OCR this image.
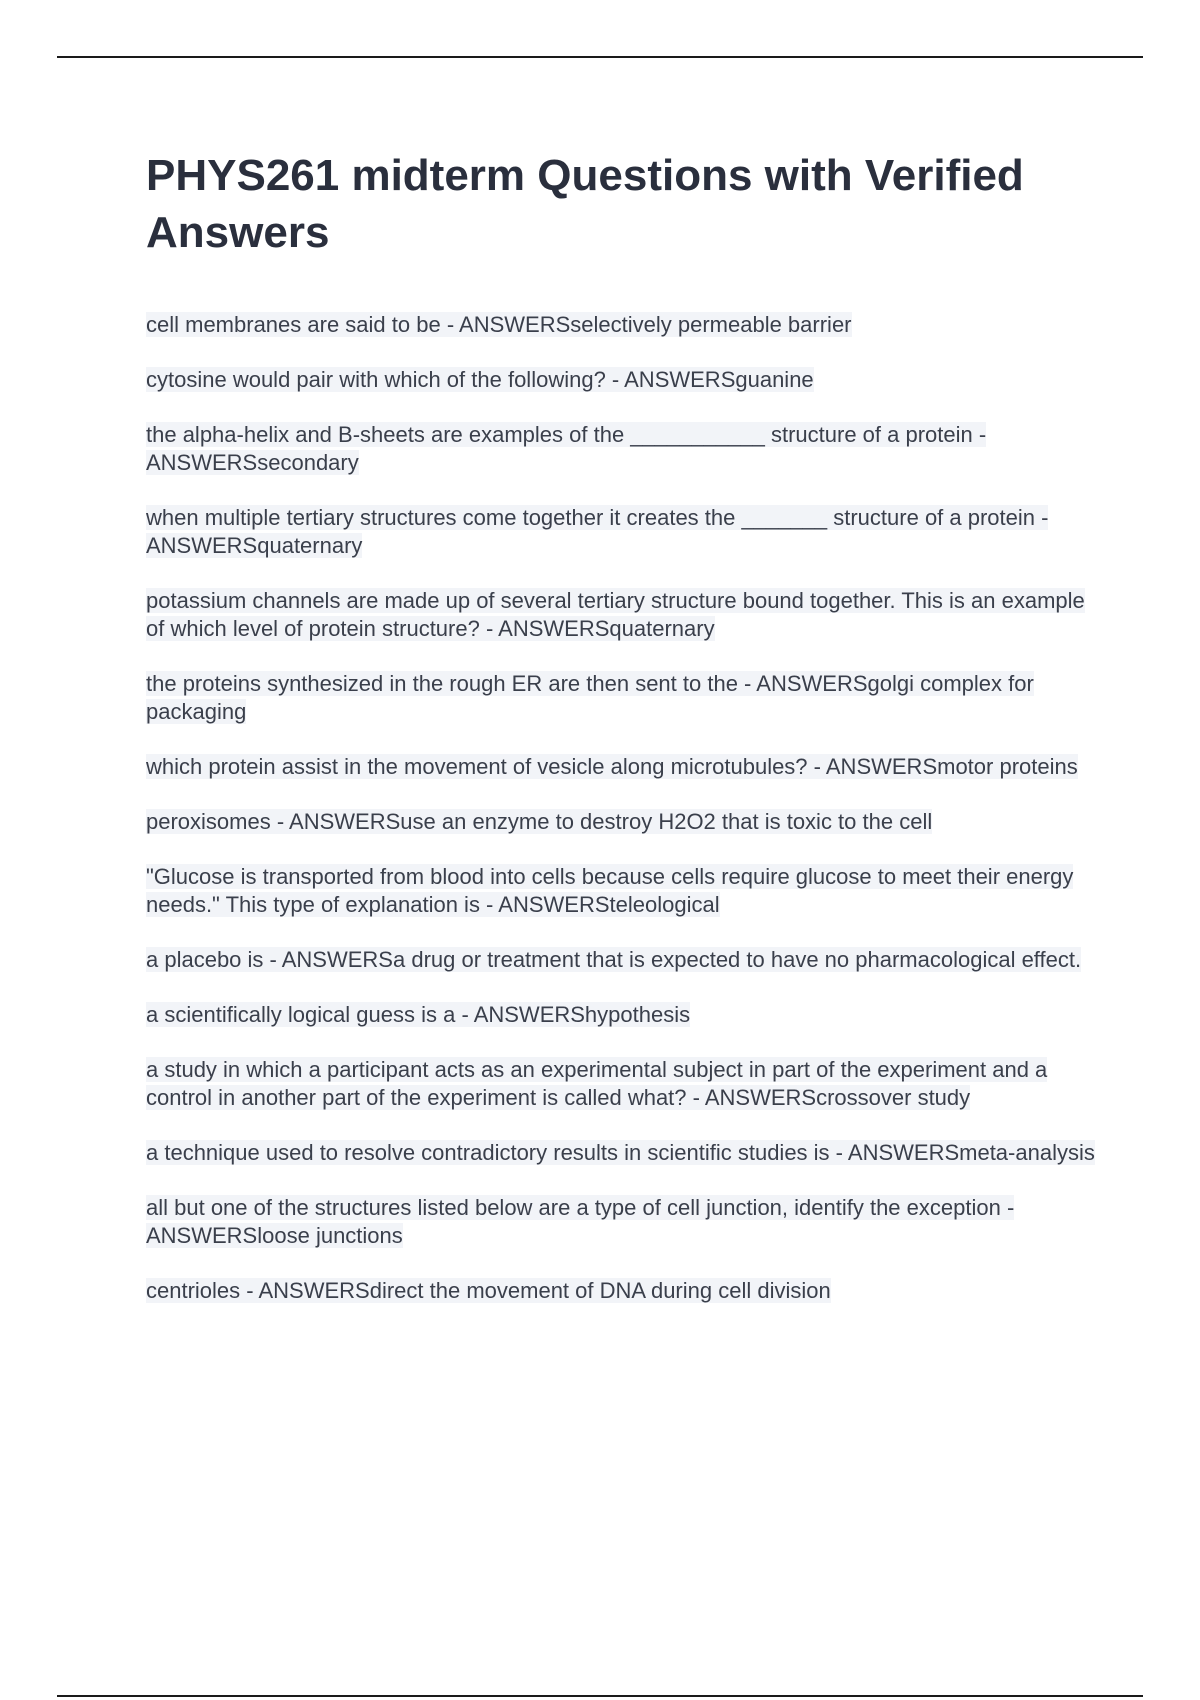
PHYS261 midterm Questions with Verified Answers
cell membranes are said to be - ANSWERSselectively permeable barrier
cytosine would pair with which of the following? - ANSWERSguanine
the alpha-helix and B-sheets are examples of the ___________ structure of a protein - ANSWERSsecondary
when multiple tertiary structures come together it creates the _______ structure of a protein - ANSWERSquaternary
potassium channels are made up of several tertiary structure bound together. This is an example of which level of protein structure? - ANSWERSquaternary
the proteins synthesized in the rough ER are then sent to the - ANSWERSgolgi complex for packaging
which protein assist in the movement of vesicle along microtubules? - ANSWERSmotor proteins
peroxisomes - ANSWERSuse an enzyme to destroy H2O2 that is toxic to the cell
"Glucose is transported from blood into cells because cells require glucose to meet their energy needs." This type of explanation is - ANSWERSteleological
a placebo is - ANSWERSa drug or treatment that is expected to have no pharmacological effect.
a scientifically logical guess is a - ANSWERShypothesis
a study in which a participant acts as an experimental subject in part of the experiment and a control in another part of the experiment is called what? - ANSWERScrossover study
a technique used to resolve contradictory results in scientific studies is - ANSWERSmeta-analysis
all but one of the structures listed below are a type of cell junction, identify the exception - ANSWERSloose junctions
centrioles - ANSWERSdirect the movement of DNA during cell division
